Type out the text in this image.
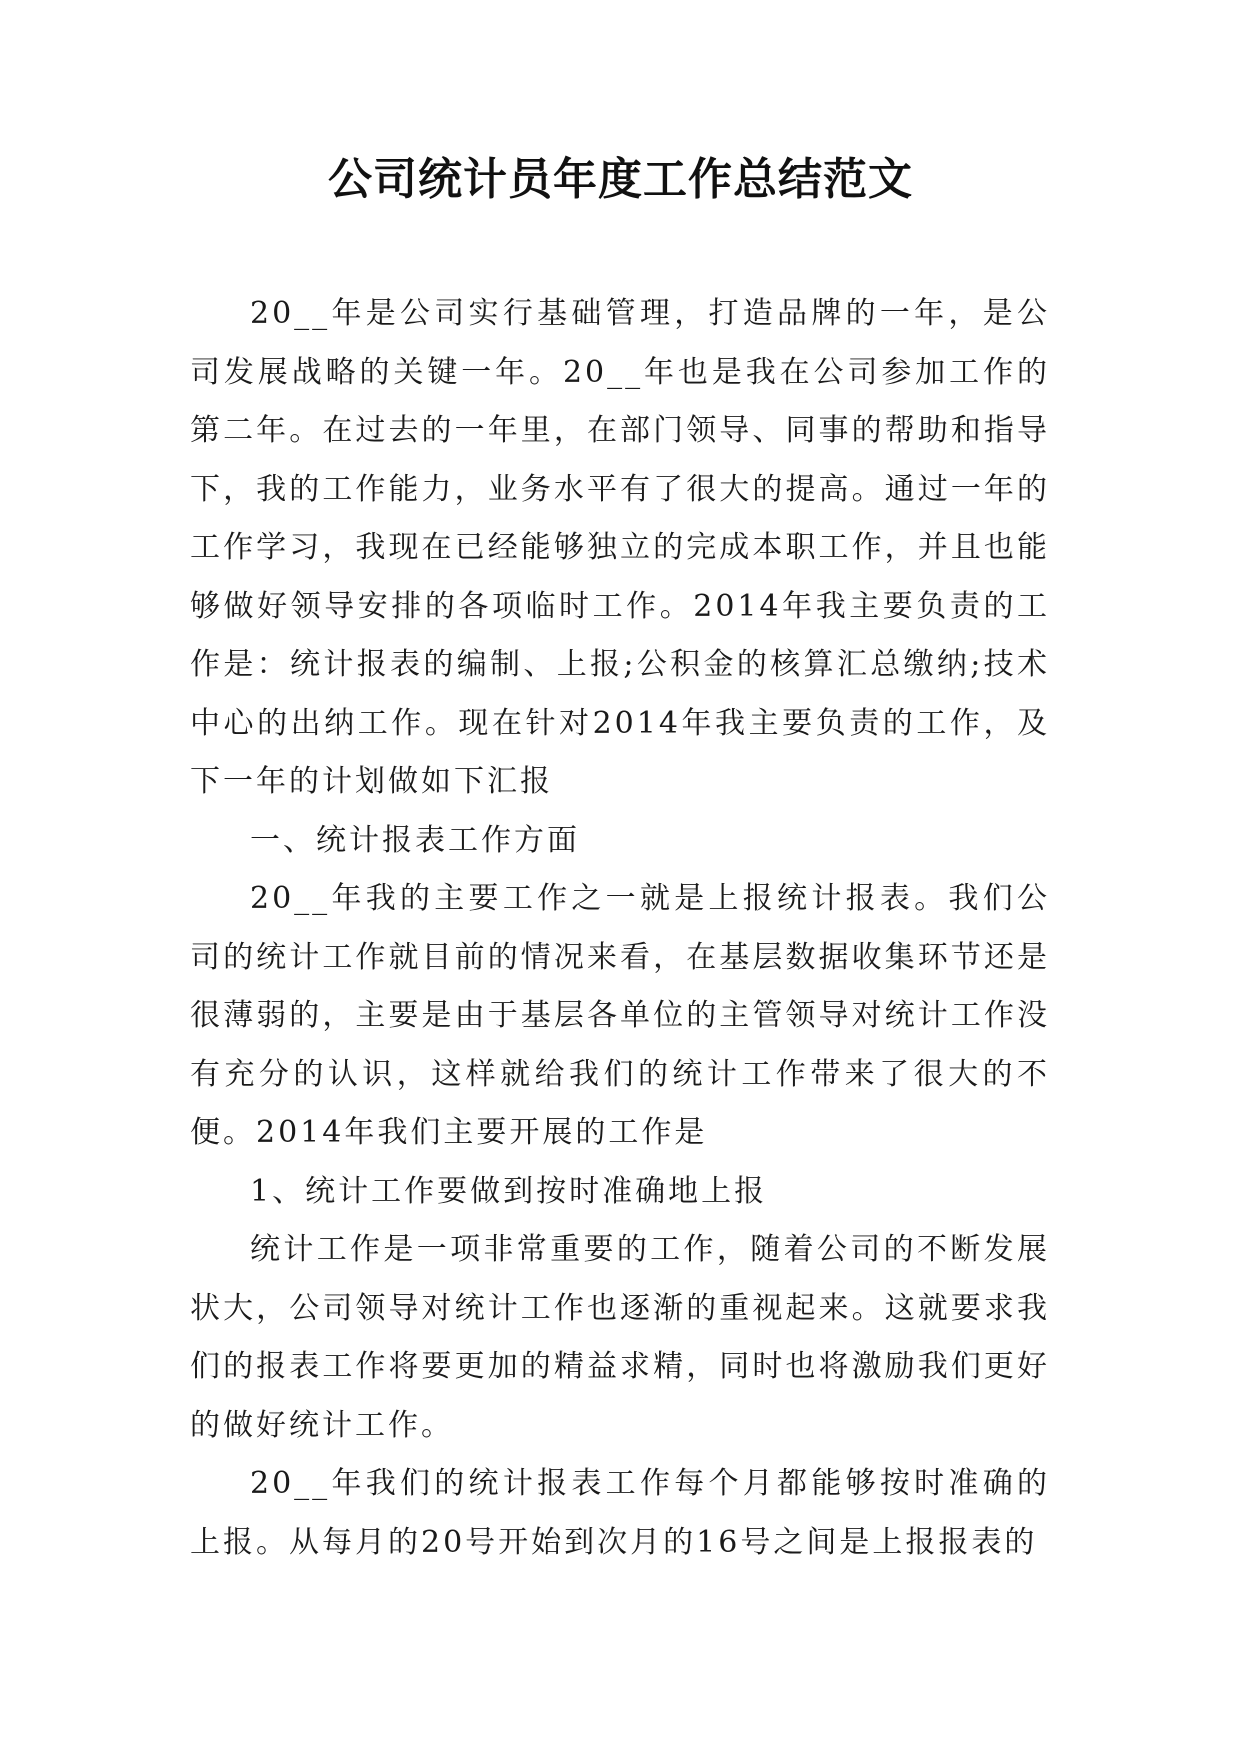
公司统计员年度工作总结范文

20__年是公司实行基础管理，打造品牌的一年，是公司发展战略的关键一年。20__年也是我在公司参加工作的第二年。在过去的一年里，在部门领导、同事的帮助和指导下，我的工作能力，业务水平有了很大的提高。通过一年的工作学习，我现在已经能够独立的完成本职工作，并且也能够做好领导安排的各项临时工作。2014年我主要负责的工作是：统计报表的编制、上报;公积金的核算汇总缴纳;技术中心的出纳工作。现在针对2014年我主要负责的工作，及下一年的计划做如下汇报

一、统计报表工作方面

20__年我的主要工作之一就是上报统计报表。我们公司的统计工作就目前的情况来看，在基层数据收集环节还是很薄弱的，主要是由于基层各单位的主管领导对统计工作没有充分的认识，这样就给我们的统计工作带来了很大的不便。2014年我们主要开展的工作是

1、统计工作要做到按时准确地上报

统计工作是一项非常重要的工作，随着公司的不断发展状大，公司领导对统计工作也逐渐的重视起来。这就要求我们的报表工作将要更加的精益求精，同时也将激励我们更好的做好统计工作。

20__年我们的统计报表工作每个月都能够按时准确的上报。从每月的20号开始到次月的16号之间是上报报表的
